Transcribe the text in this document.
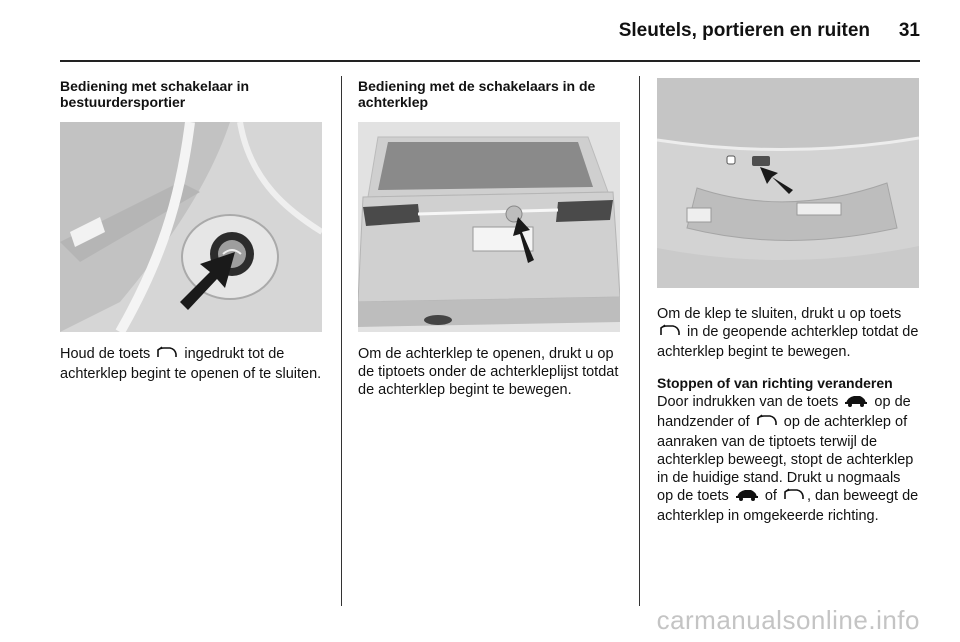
Sleutels, portieren en ruiten 31

Bediening met schakelaar in bestuurdersportier

Houd de toets ingedrukt tot de achterklep begint te openen of te sluiten.

Bediening met de schakelaars in de achterklep

Om de achterklep te openen, drukt u op de tiptoets onder de achterkleplijst totdat de achterklep begint te bewegen.

Om de klep te sluiten, drukt u op toets  in de geopende achterklep totdat de achterklep begint te bewegen.

Stoppen of van richting veranderen

Door indrukken van de toets op de handzender of op de achterklep of aanraken van de tiptoets terwijl de achterklep beweegt, stopt de achterklep in de huidige stand. Drukt u nogmaals op de toets of , dan beweegt de achterklep in omgekeerde richting.

carmanualsonline.info
